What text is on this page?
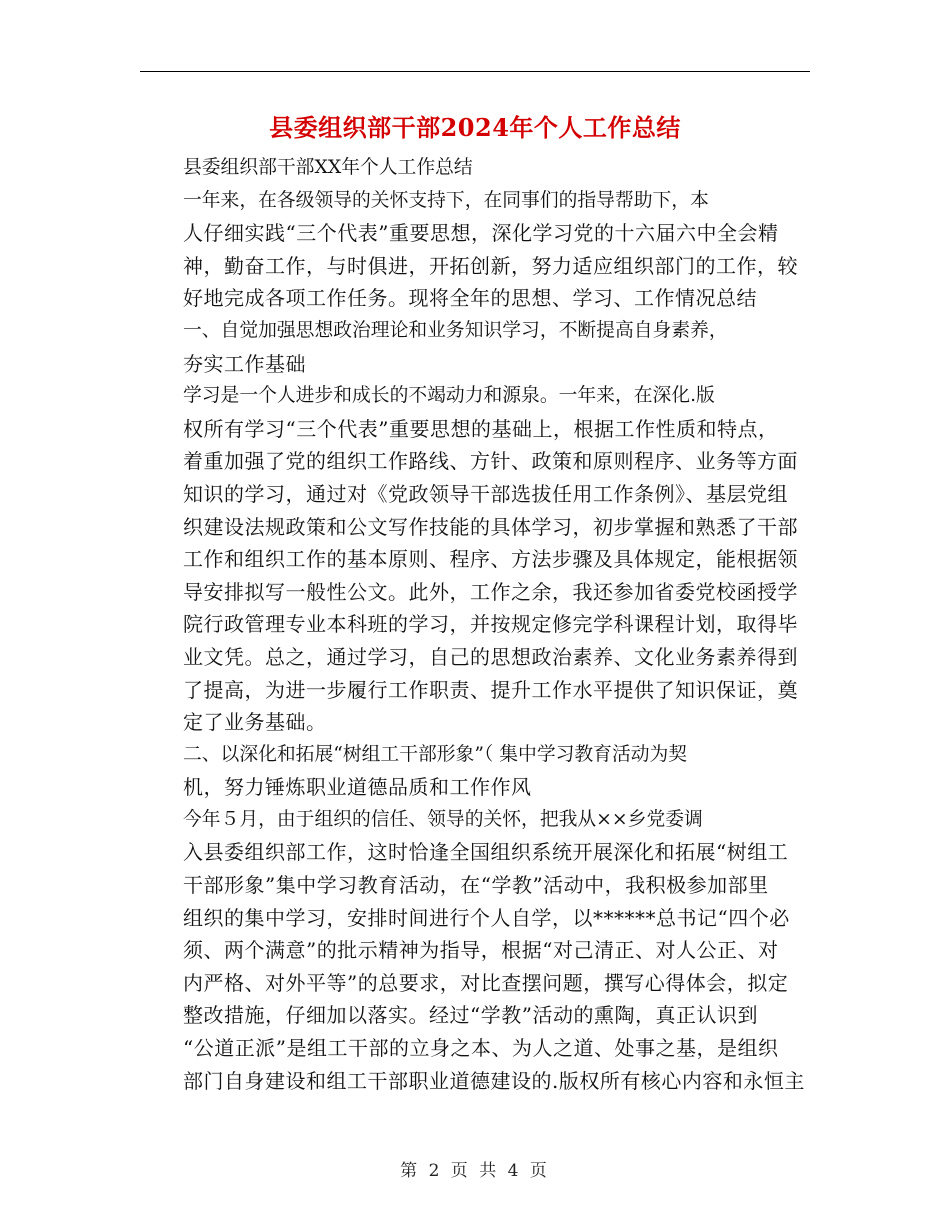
县委组织部干部2024年个人工作总结

县委组织部干部XX年个人工作总结

一年来，在各级领导的关怀支持下，在同事们的指导帮助下，本
人仔细实践“三个代表”重要思想，深化学习党的十六届六中全会精
神，勤奋工作，与时俱进，开拓创新，努力适应组织部门的工作，较
好地完成各项工作任务。现将全年的思想、学习、工作情况总结

一、自觉加强思想政治理论和业务知识学习，不断提高自身素养，
夯实工作基础

学习是一个人进步和成长的不竭动力和源泉。一年来，在深化.版
权所有学习“三个代表”重要思想的基础上，根据工作性质和特点，
着重加强了党的组织工作路线、方针、政策和原则程序、业务等方面
知识的学习，通过对《党政领导干部选拔任用工作条例》、基层党组
织建设法规政策和公文写作技能的具体学习，初步掌握和熟悉了干部
工作和组织工作的基本原则、程序、方法步骤及具体规定，能根据领
导安排拟写一般性公文。此外，工作之余，我还参加省委党校函授学
院行政管理专业本科班的学习，并按规定修完学科课程计划，取得毕
业文凭。总之，通过学习，自己的思想政治素养、文化业务素养得到
了提高，为进一步履行工作职责、提升工作水平提供了知识保证，奠
定了业务基础。

二、以深化和拓展“树组工干部形象”（ 集中学习教育活动为契
机，努力锤炼职业道德品质和工作作风

今年５月，由于组织的信任、领导的关怀，把我从××乡党委调
入县委组织部工作，这时恰逢全国组织系统开展深化和拓展“树组工
干部形象”集中学习教育活动，在“学教”活动中，我积极参加部里
组织的集中学习，安排时间进行个人自学，以******总书记“四个必
须、两个满意”的批示精神为指导，根据“对己清正、对人公正、对
内严格、对外平等”的总要求，对比查摆问题，撰写心得体会，拟定
整改措施，仔细加以落实。经过“学教”活动的熏陶，真正认识到
“公道正派”是组工干部的立身之本、为人之道、处事之基，是组织
部门自身建设和组工干部职业道德建设的.版权所有核心内容和永恒主

第 2 页 共 4 页
